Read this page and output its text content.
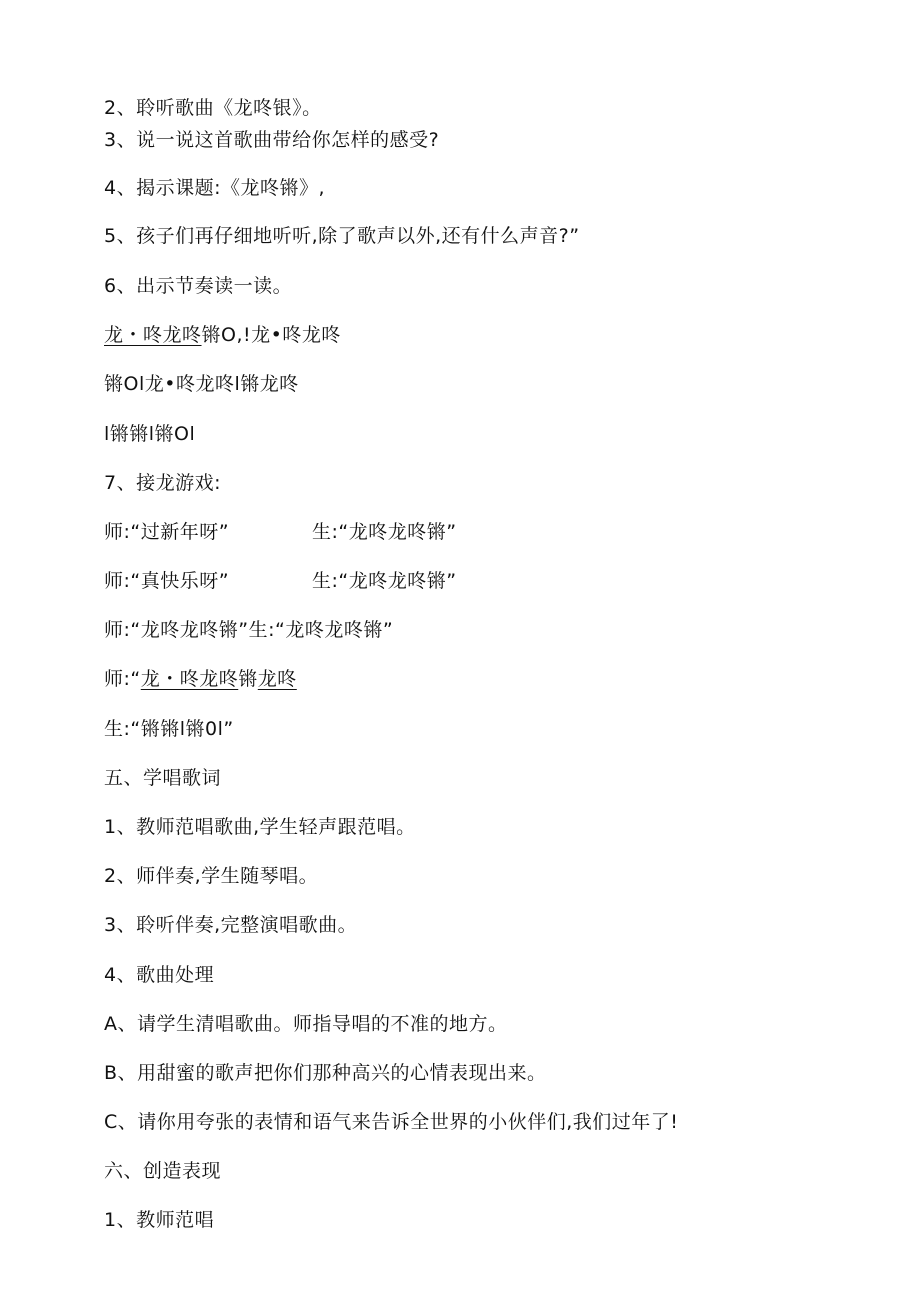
2、聆听歌曲《龙咚银》。
3、说一说这首歌曲带给你怎样的感受?
4、揭示课题:《龙咚锵》,
5、孩子们再仔细地听听,除了歌声以外,还有什么声音?”
6、出示节奏读一读。
龙・咚龙咚锵O,!龙•咚龙咚
锵Ol龙•咚龙咚l锵龙咚
l锵锵l锵Ol
7、接龙游戏:
师:“过新年呀”	生:“龙咚龙咚锵”
师:“真快乐呀”	生:“龙咚龙咚锵”
师:“龙咚龙咚锵”生:“龙咚龙咚锵”
师:“龙・咚龙咚锵龙咚
生:“锵锵l锵0l”
五、学唱歌词
1、教师范唱歌曲,学生轻声跟范唱。
2、师伴奏,学生随琴唱。
3、聆听伴奏,完整演唱歌曲。
4、歌曲处理
A、请学生清唱歌曲。师指导唱的不准的地方。
B、用甜蜜的歌声把你们那种高兴的心情表现出来。
C、请你用夸张的表情和语气来告诉全世界的小伙伴们,我们过年了!
六、创造表现
1、教师范唱
